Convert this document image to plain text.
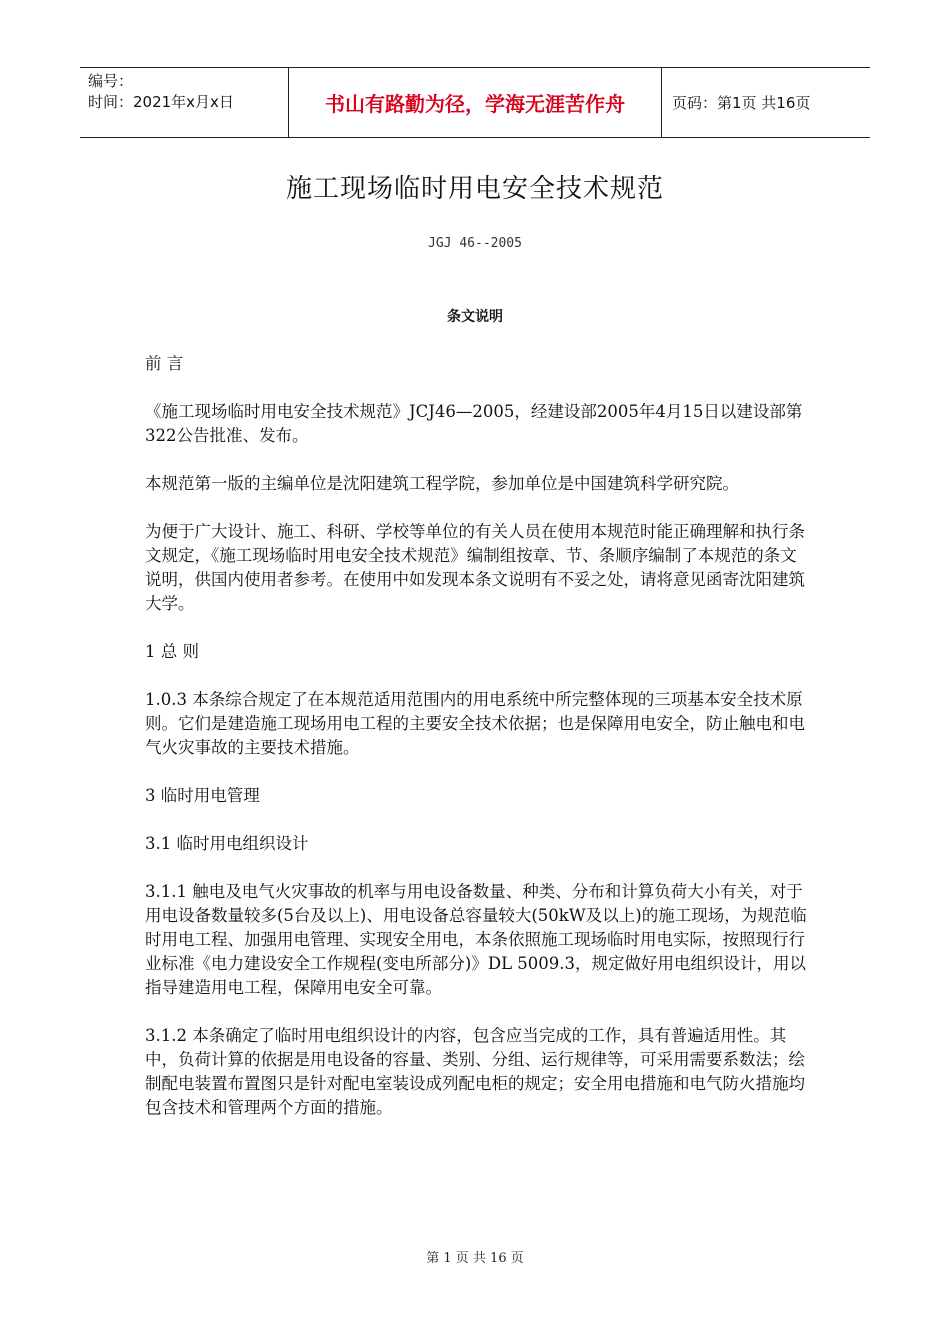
编号：
时间：2021年x月x日	书山有路勤为径，学海无涯苦作舟	页码：第1页 共16页
施工现场临时用电安全技术规范
JGJ 46--2005
条文说明

前 言

《施工现场临时用电安全技术规范》JCJ46—2005，经建设部2005年4月15日以建设部第322公告批准、发布。

本规范第一版的主编单位是沈阳建筑工程学院，参加单位是中国建筑科学研究院。

为便于广大设计、施工、科研、学校等单位的有关人员在使用本规范时能正确理解和执行条文规定，《施工现场临时用电安全技术规范》编制组按章、节、条顺序编制了本规范的条文说明，供国内使用者参考。在使用中如发现本条文说明有不妥之处，请将意见函寄沈阳建筑大学。

1 总 则

1.0.3 本条综合规定了在本规范适用范围内的用电系统中所完整体现的三项基本安全技术原则。它们是建造施工现场用电工程的主要安全技术依据；也是保障用电安全，防止触电和电气火灾事故的主要技术措施。

3 临时用电管理

3.1 临时用电组织设计

3.1.1 触电及电气火灾事故的机率与用电设备数量、种类、分布和计算负荷大小有关，对于用电设备数量较多(5台及以上)、用电设备总容量较大(50kW及以上)的施工现场，为规范临时用电工程、加强用电管理、实现安全用电，本条依照施工现场临时用电实际，按照现行行业标准《电力建设安全工作规程(变电所部分)》DL 5009.3，规定做好用电组织设计，用以指导建造用电工程，保障用电安全可靠。

3.1.2 本条确定了临时用电组织设计的内容，包含应当完成的工作，具有普遍适用性。其中，负荷计算的依据是用电设备的容量、类别、分组、运行规律等，可采用需要系数法；绘制配电装置布置图只是针对配电室装设成列配电柜的规定；安全用电措施和电气防火措施均包含技术和管理两个方面的措施。

第 1 页 共 16 页
